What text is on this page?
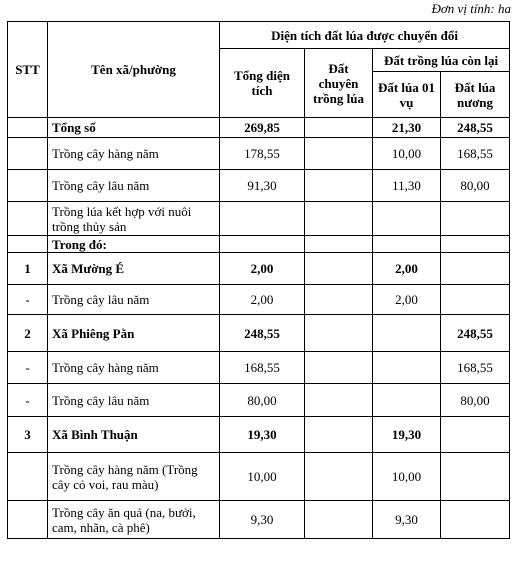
Đơn vị tính: ha
STT	Tên xã/phường	Diện tích đất lúa được chuyển đổi			
		Tổng diện tích	Đất chuyên trồng lúa	Đất trồng lúa còn lại	
				Đất lúa 01 vụ	Đất lúa nương
	Tổng số	269,85		21,30	248,55
	Trồng cây hàng năm	178,55		10,00	168,55
	Trồng cây lâu năm	91,30		11,30	80,00
	Trồng lúa kết hợp với nuôi trồng thủy sản				
	Trong đó:				
1	Xã Mường É	2,00		2,00	
-	Trồng cây lâu năm	2,00		2,00	
2	Xã Phiêng Pằn	248,55			248,55
-	Trồng cây hàng năm	168,55			168,55
-	Trồng cây lâu năm	80,00			80,00
3	Xã Bình Thuận	19,30		19,30	
	Trồng cây hàng năm (Trồng cây cỏ voi, rau màu)	10,00		10,00	
	Trồng cây ăn quả (na, bưởi, cam, nhãn, cà phê)	9,30		9,30	
